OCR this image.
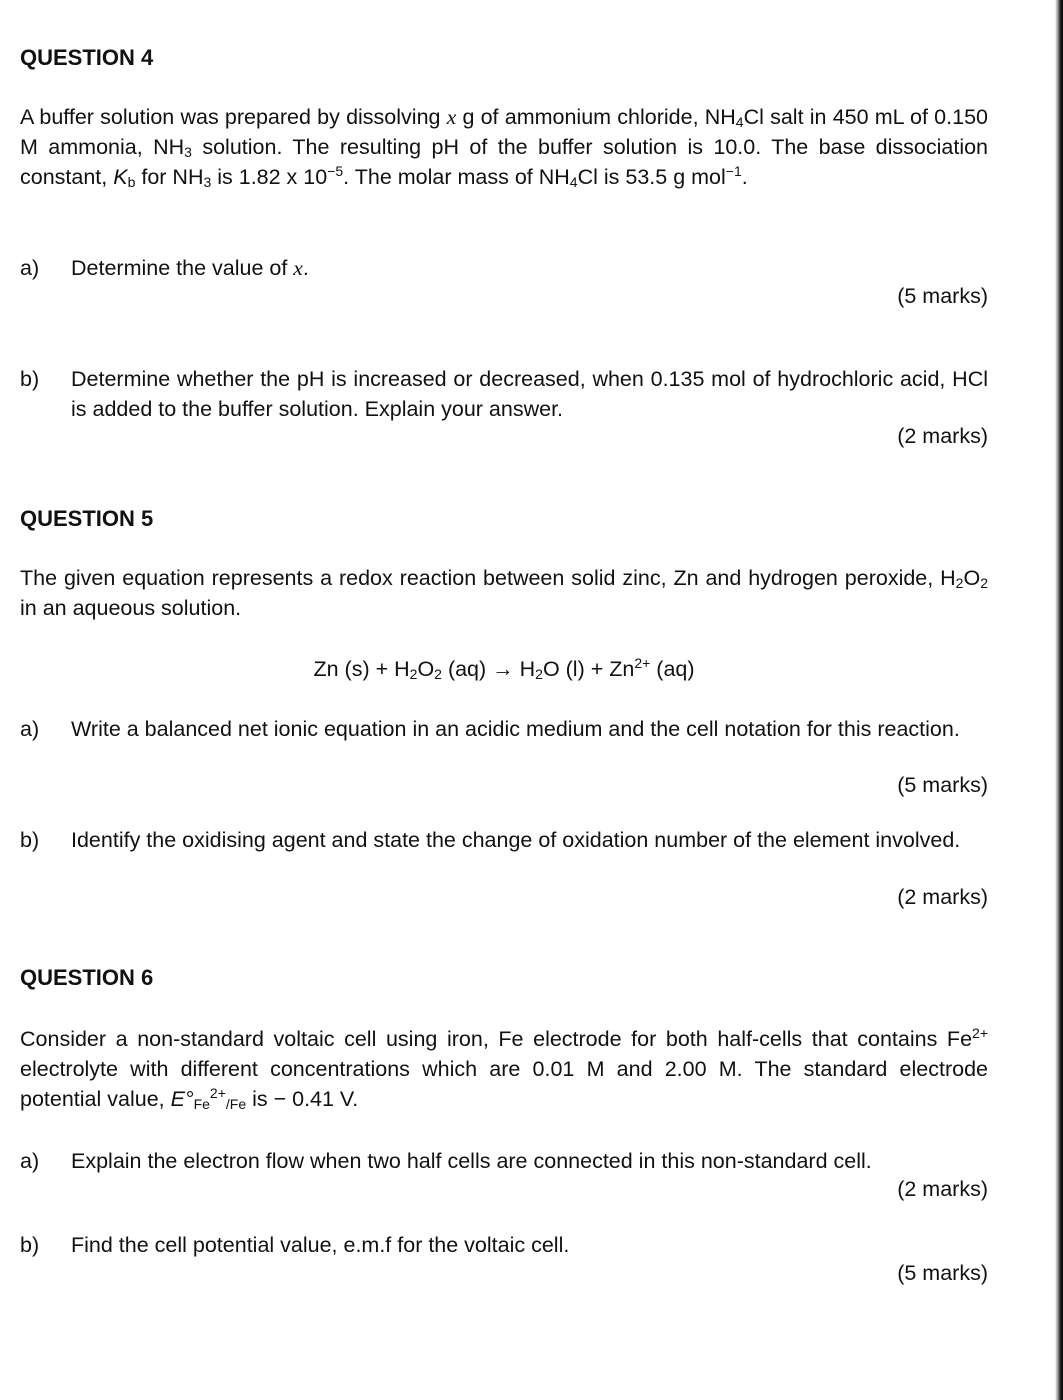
QUESTION 4
A buffer solution was prepared by dissolving x g of ammonium chloride, $NH_4Cl$ salt in 450 mL of 0.150 M ammonia, $NH_3$ solution. The resulting pH of the buffer solution is 10.0. The base dissociation constant, $K_b$ for $NH_3$ is 1.82 x $10^{-5}$. The molar mass of $NH_4Cl$ is 53.5 g mol$^{-1}$.
a) Determine the value of x.
(5 marks)
b) Determine whether the pH is increased or decreased, when 0.135 mol of hydrochloric acid, HCl is added to the buffer solution. Explain your answer.
(2 marks)
QUESTION 5
The given equation represents a redox reaction between solid zinc, Zn and hydrogen peroxide, $H_2O_2$ in an aqueous solution.
Zn $(s) + H_2O_2$ $(aq) \to H_2O$ $(l) + Zn^{2+}$ (aq)
a) Write a balanced net ionic equation in an acidic medium and the cell notation for this reaction.
(5 marks)
b) Identify the oxidising agent and state the change of oxidation number of the element involved.
(2 marks)
QUESTION 6
Consider a non-standard voltaic cell using iron, Fe electrode for both half-cells that contains $Fe^{2+}$ electrolyte with different concentrations which are 0.01 M and 2.00 M. The standard electrode potential value, $E^\circ_{Fe}^{2+}_{/Fe}$ is − 0.41 V.
a) Explain the electron flow when two half cells are connected in this non-standard cell.
(2 marks)
b) Find the cell potential value, e.m.f for the voltaic cell.
(5 marks)
